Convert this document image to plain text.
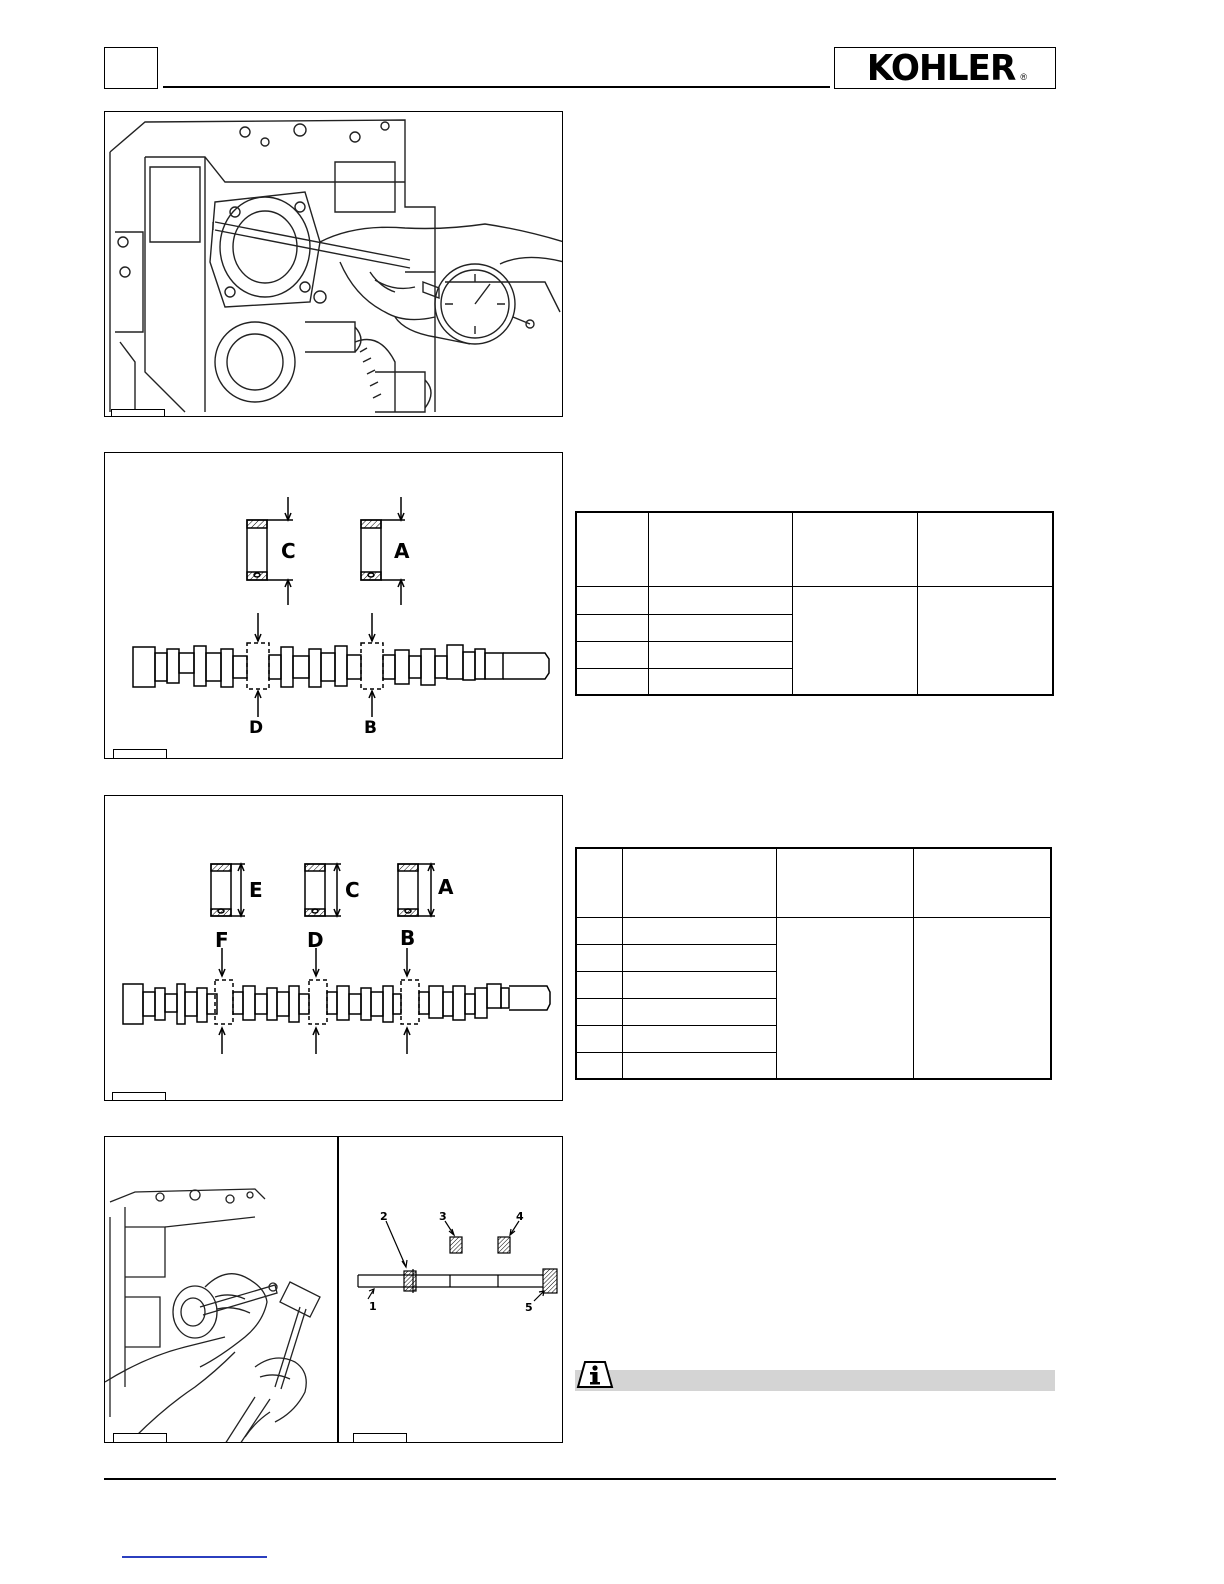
KOHLER ®
C	A
D	B

E	C	A
F	D	B

1
2	3	4
5
